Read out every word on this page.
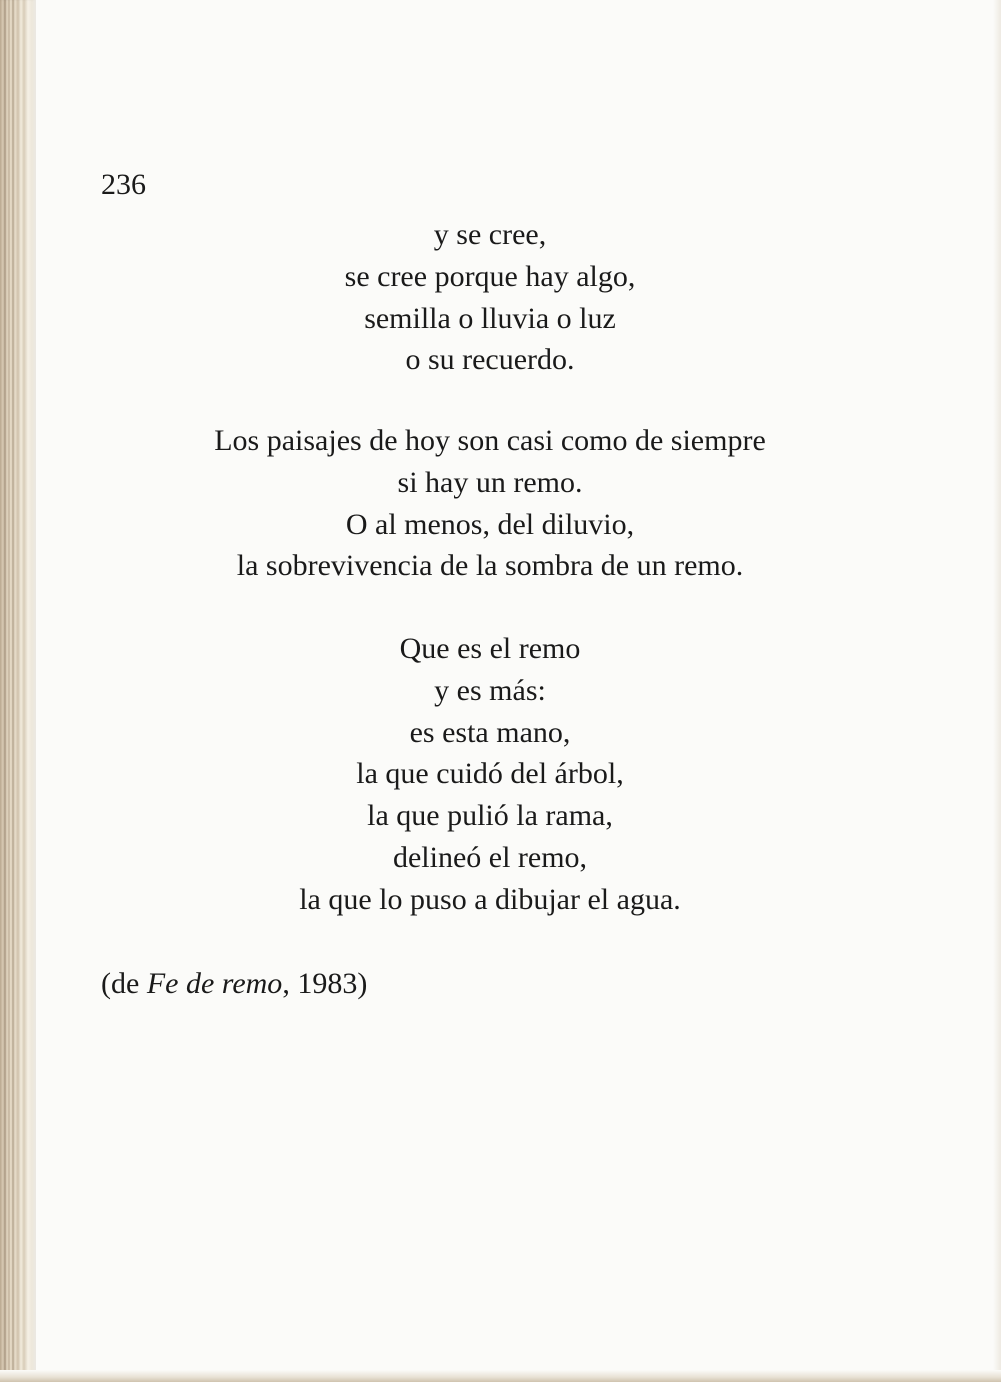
236

y se cree,
se cree porque hay algo,
semilla o lluvia o luz
o su recuerdo.
Los paisajes de hoy son casi como de siempre
si hay un remo.
O al menos, del diluvio,
la sobrevivencia de la sombra de un remo.
Que es el remo
y es más:
es esta mano,
la que cuidó del árbol,
la que pulió la rama,
delineó el remo,
la que lo puso a dibujar el agua.

(de Fe de remo, 1983)
